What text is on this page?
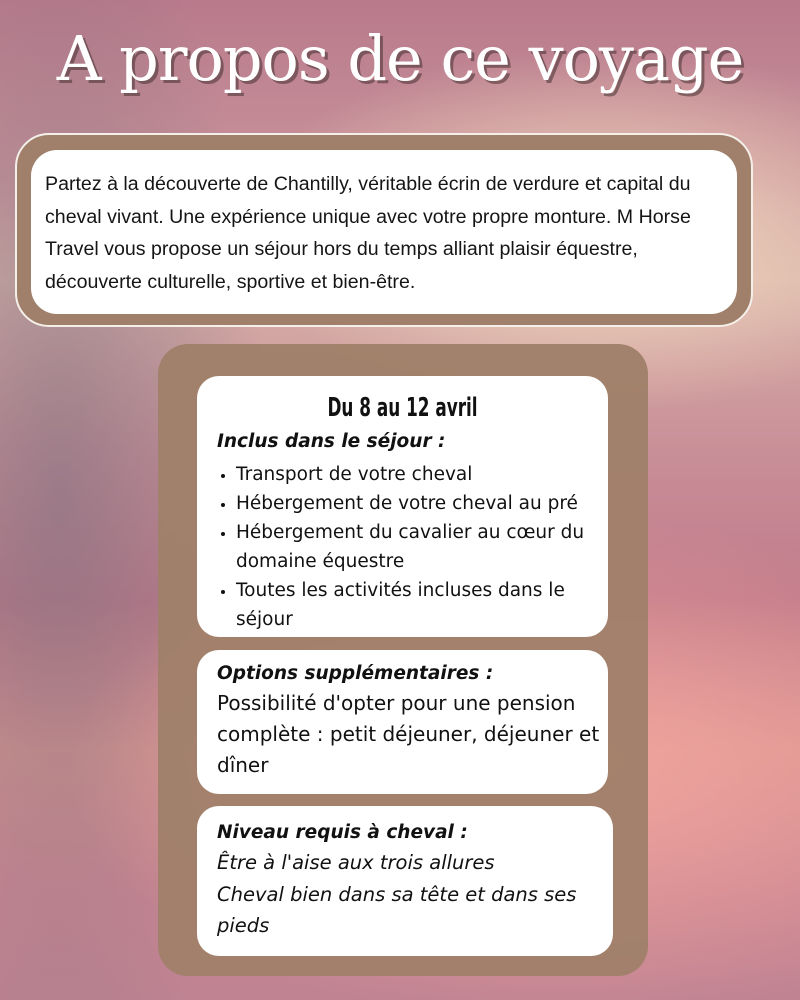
A propos de ce voyage
Partez à la découverte de Chantilly, véritable écrin de verdure et capital du cheval vivant. Une expérience unique avec votre propre monture. M Horse Travel vous propose un séjour hors du temps alliant plaisir équestre, découverte culturelle, sportive et bien-être.
Du 8 au 12 avril
Inclus dans le séjour :
• Transport de votre cheval
• Hébergement de votre cheval au pré
• Hébergement du cavalier au cœur du domaine équestre
• Toutes les activités incluses dans le séjour
Options supplémentaires :
Possibilité d'opter pour une pension complète : petit déjeuner, déjeuner et dîner
Niveau requis à cheval :
Être à l'aise aux trois allures
Cheval bien dans sa tête et dans ses pieds
